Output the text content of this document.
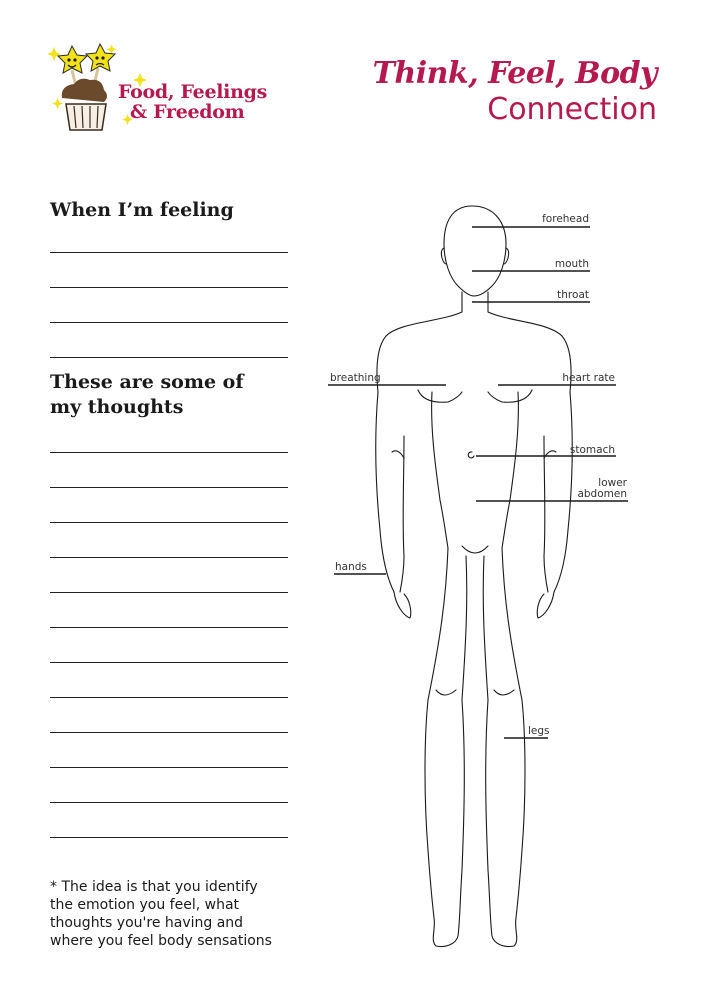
Food, Feelings
& Freedom
Think, Feel, Body
Connection
When I’m feeling
These are some of
my thoughts
* The idea is that you identify
the emotion you feel, what
thoughts you're having and
where you feel body sensations
forehead
mouth
throat
breathing	heart rate
stomach
lower
abdomen
hands
legs
